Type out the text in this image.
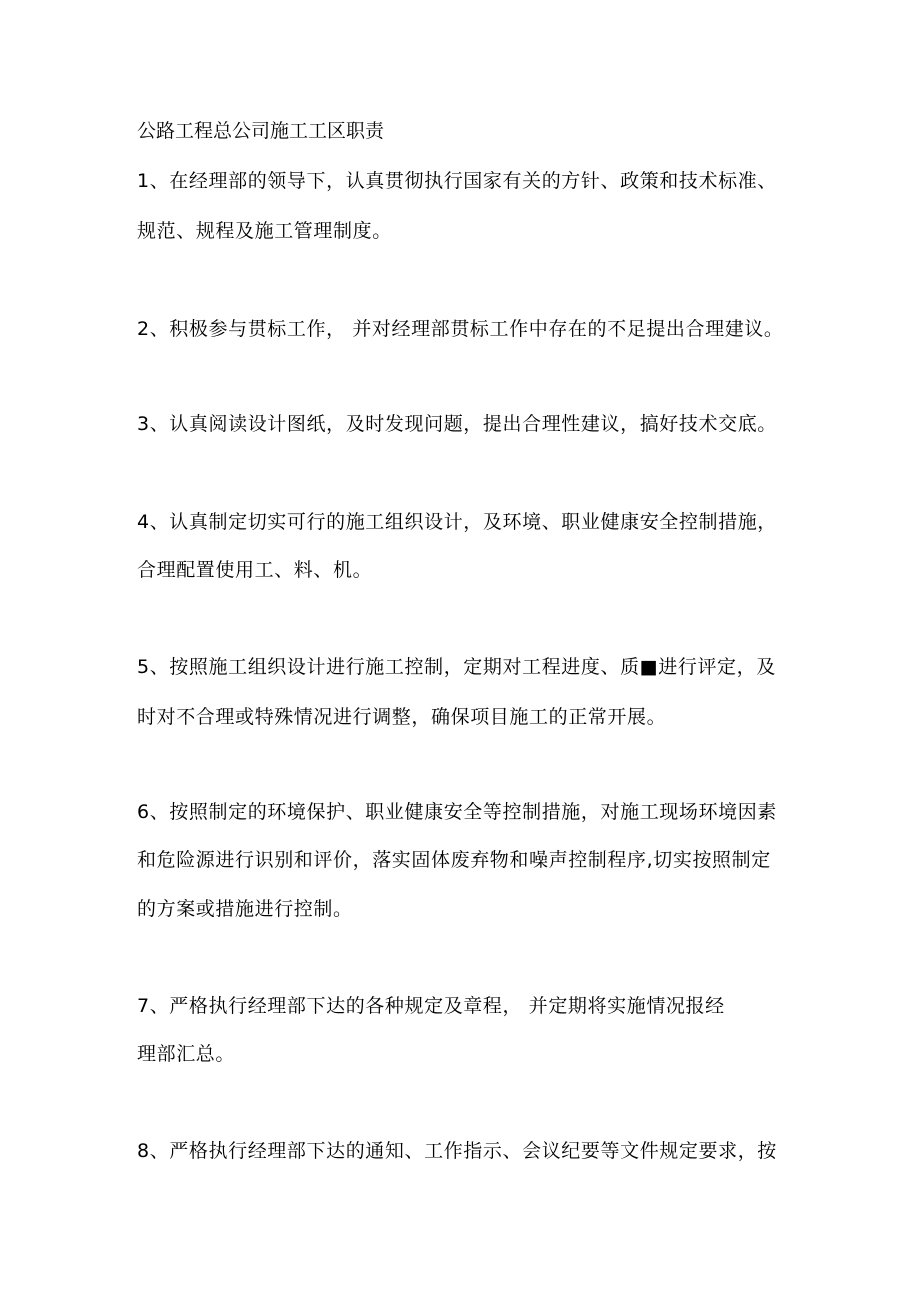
公路工程总公司施工工区职责
1、在经理部的领导下，认真贯彻执行国家有关的方针、政策和技术标准、
规范、规程及施工管理制度。
2、积极参与贯标工作， 并对经理部贯标工作中存在的不足提出合理建议。
3、认真阅读设计图纸，及时发现问题，提出合理性建议，搞好技术交底。
4、认真制定切实可行的施工组织设计，及环境、职业健康安全控制措施，
合理配置使用工、料、机。
5、按照施工组织设计进行施工控制，定期对工程进度、质■进行评定，及
时对不合理或特殊情况进行调整，确保项目施工的正常开展。
6、按照制定的环境保护、职业健康安全等控制措施，对施工现场环境因素
和危险源进行识别和评价，落实固体废弃物和噪声控制程序,切实按照制定
的方案或措施进行控制。
7、严格执行经理部下达的各种规定及章程， 并定期将实施情况报经
理部汇总。
8、严格执行经理部下达的通知、工作指示、会议纪要等文件规定要求，按
